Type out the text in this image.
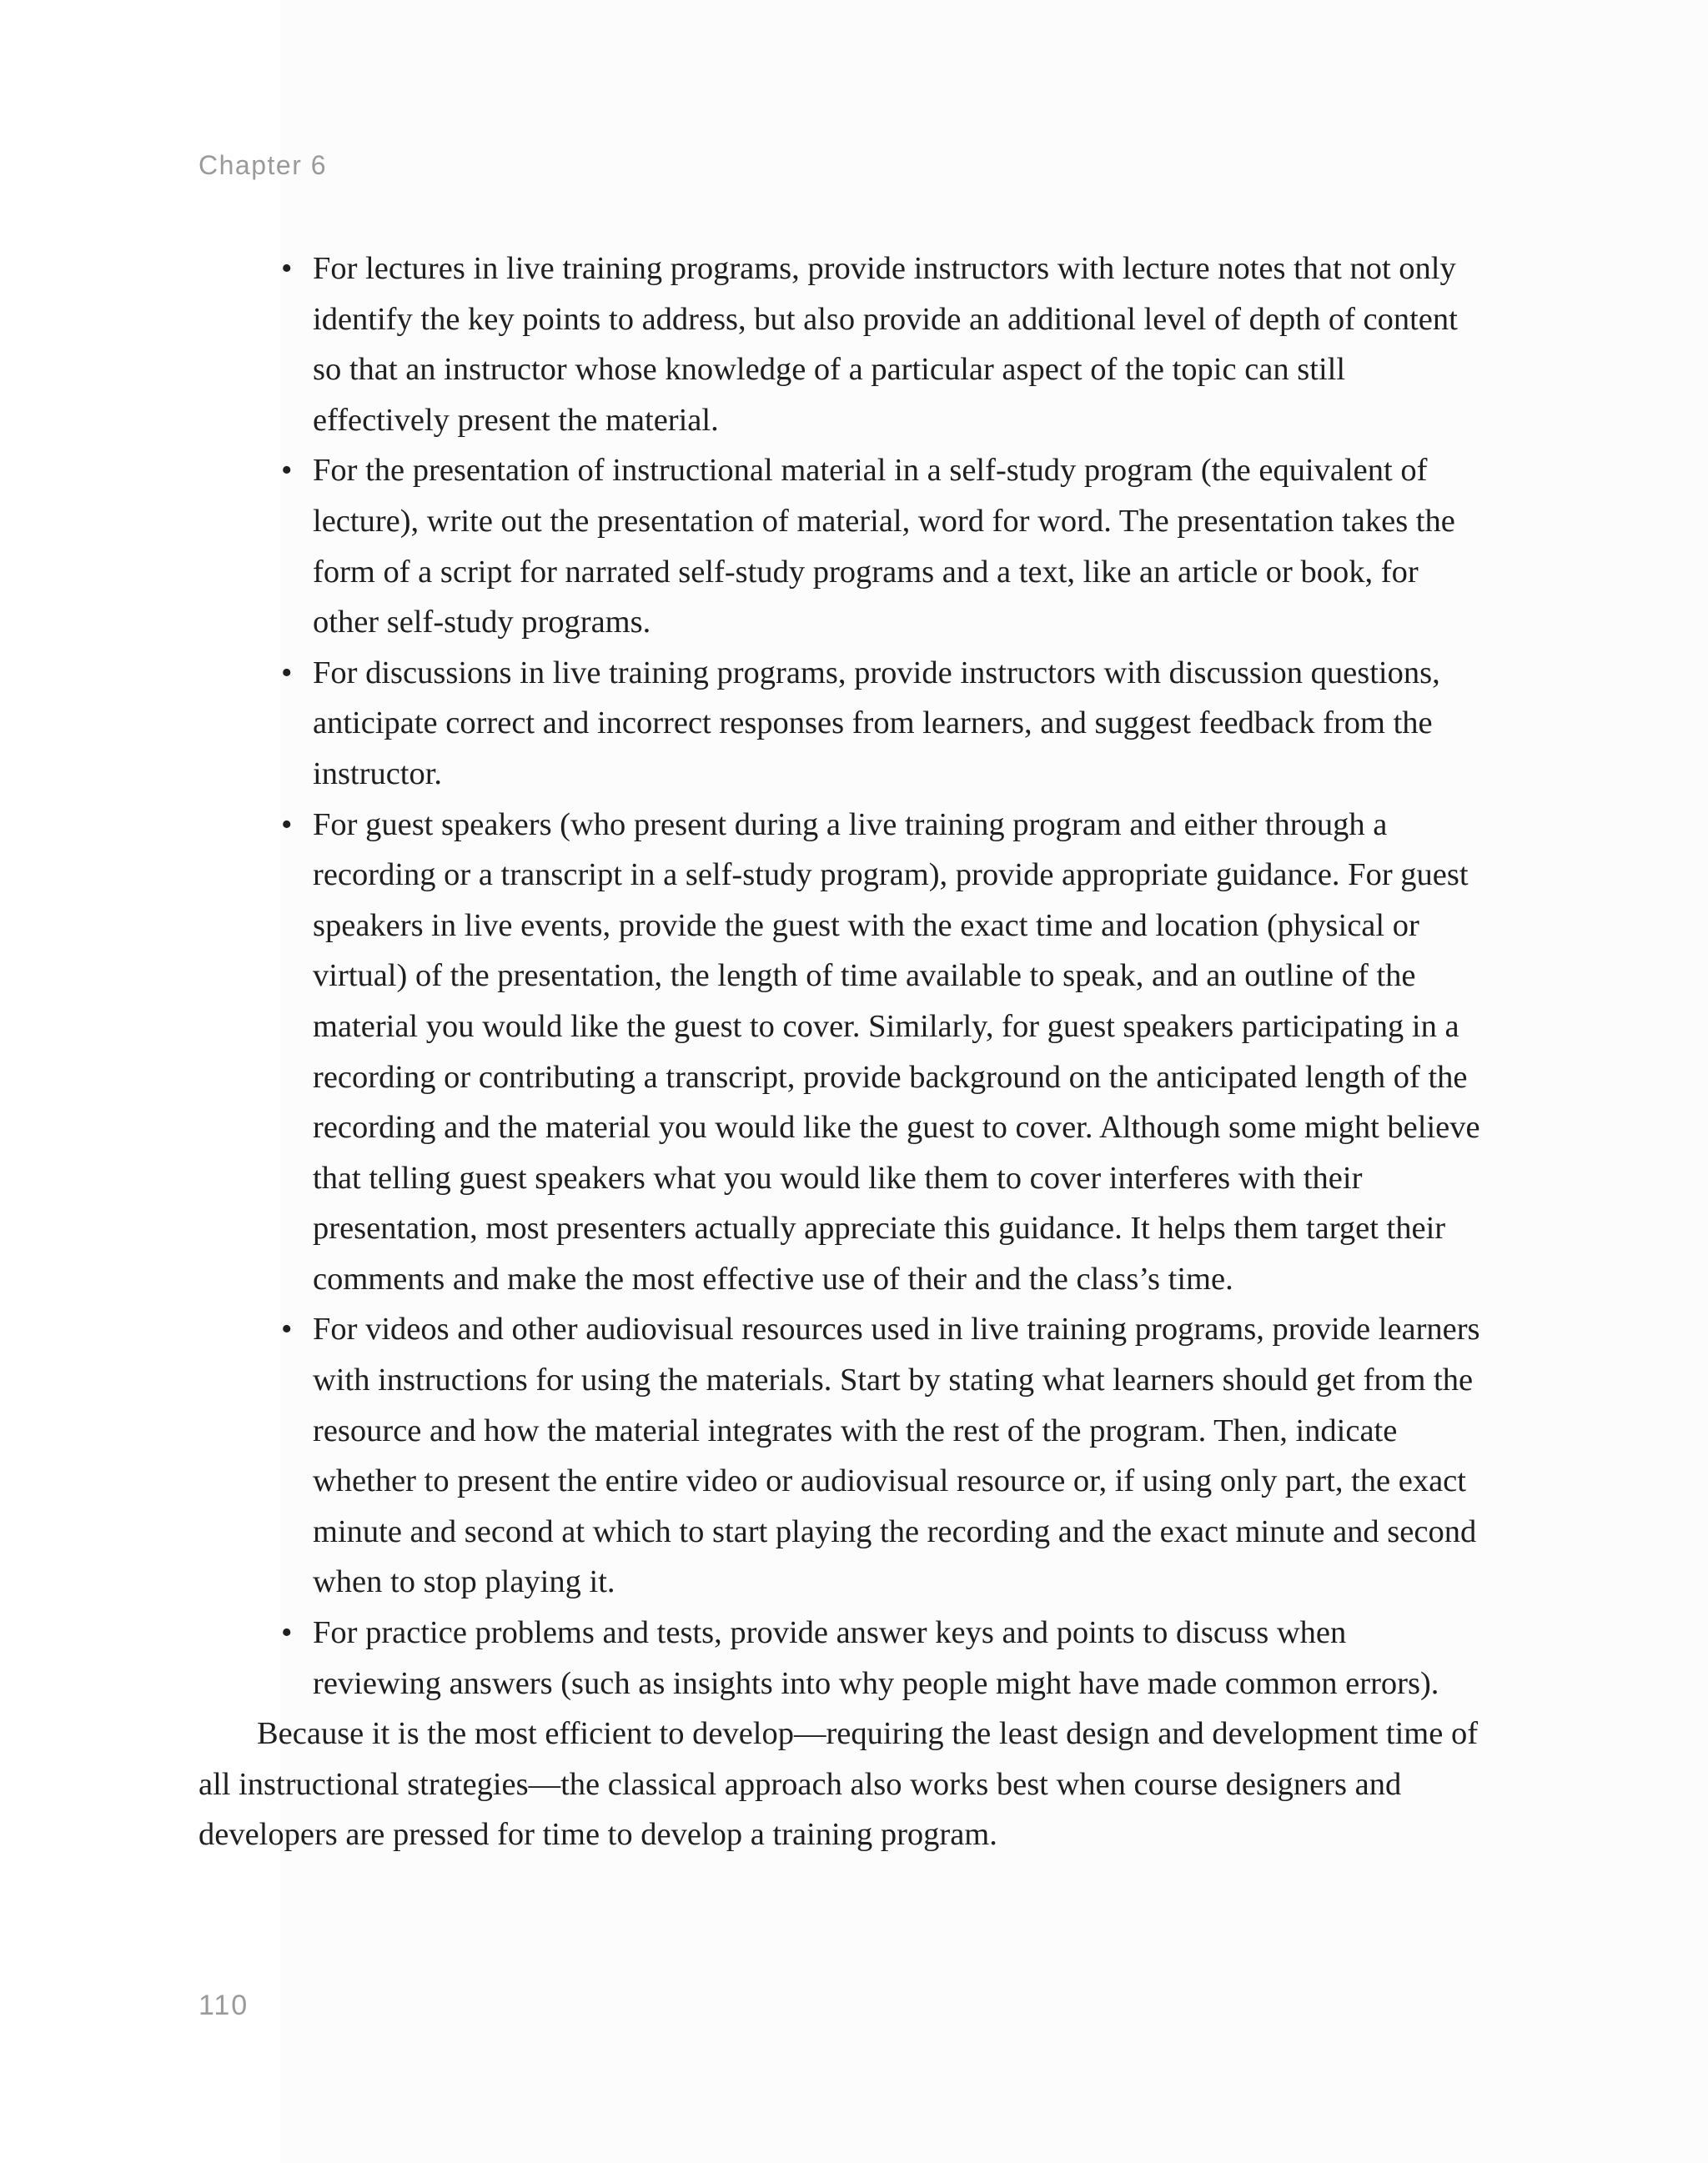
Chapter 6
• For lectures in live training programs, provide instructors with lecture notes that not only identify the key points to address, but also provide an additional level of depth of content so that an instructor whose knowledge of a particular aspect of the topic can still effectively present the material.
• For the presentation of instructional material in a self-study program (the equivalent of lecture), write out the presentation of material, word for word. The presentation takes the form of a script for narrated self-study programs and a text, like an article or book, for other self-study programs.
• For discussions in live training programs, provide instructors with discussion questions, anticipate correct and incorrect responses from learners, and suggest feedback from the instructor.
• For guest speakers (who present during a live training program and either through a recording or a transcript in a self-study program), provide appropriate guidance. For guest speakers in live events, provide the guest with the exact time and location (physical or virtual) of the presentation, the length of time available to speak, and an outline of the material you would like the guest to cover. Similarly, for guest speakers participating in a recording or contributing a transcript, provide background on the anticipated length of the recording and the material you would like the guest to cover. Although some might believe that telling guest speakers what you would like them to cover interferes with their presentation, most presenters actually appreciate this guidance. It helps them target their comments and make the most effective use of their and the class’s time.
• For videos and other audiovisual resources used in live training programs, provide learners with instructions for using the materials. Start by stating what learners should get from the resource and how the material integrates with the rest of the program. Then, indicate whether to present the entire video or audiovisual resource or, if using only part, the exact minute and second at which to start playing the recording and the exact minute and second when to stop playing it.
• For practice problems and tests, provide answer keys and points to discuss when reviewing answers (such as insights into why people might have made common errors).

Because it is the most efficient to develop—requiring the least design and development time of all instructional strategies—the classical approach also works best when course designers and developers are pressed for time to develop a training program.

110
